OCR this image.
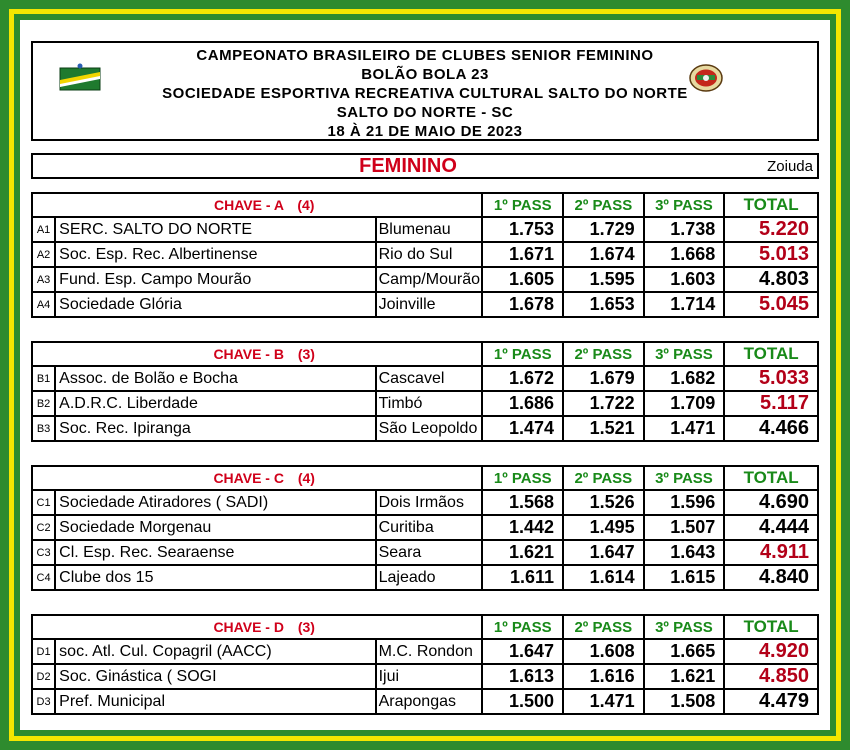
CAMPEONATO BRASILEIRO DE CLUBES SENIOR FEMININO
BOLÃO BOLA 23
SOCIEDADE ESPORTIVA RECREATIVA CULTURAL SALTO DO NORTE
SALTO DO NORTE - SC
18 À 21 DE MAIO DE 2023
FEMININO	Zoiuda
CHAVE - A (4)			1º PASS	2º PASS	3º PASS	TOTAL
A1	SERC. SALTO DO NORTE	Blumenau	1.753	1.729	1.738	5.220
A2	Soc. Esp. Rec. Albertinense	Rio do Sul	1.671	1.674	1.668	5.013
A3	Fund. Esp. Campo Mourão	Camp/Mourão	1.605	1.595	1.603	4.803
A4	Sociedade Glória	Joinville	1.678	1.653	1.714	5.045
CHAVE - B (3)			1º PASS	2º PASS	3º PASS	TOTAL
B1	Assoc. de Bolão e Bocha	Cascavel	1.672	1.679	1.682	5.033
B2	A.D.R.C. Liberdade	Timbó	1.686	1.722	1.709	5.117
B3	Soc. Rec. Ipiranga	São Leopoldo	1.474	1.521	1.471	4.466
CHAVE - C (4)			1º PASS	2º PASS	3º PASS	TOTAL
C1	Sociedade Atiradores ( SADI)	Dois Irmãos	1.568	1.526	1.596	4.690
C2	Sociedade Morgenau	Curitiba	1.442	1.495	1.507	4.444
C3	Cl. Esp. Rec. Searaense	Seara	1.621	1.647	1.643	4.911
C4	Clube dos 15	Lajeado	1.611	1.614	1.615	4.840
CHAVE - D (3)			1º PASS	2º PASS	3º PASS	TOTAL
D1	soc. Atl. Cul. Copagril (AACC)	M.C. Rondon	1.647	1.608	1.665	4.920
D2	Soc. Ginástica ( SOGI	Ijui	1.613	1.616	1.621	4.850
D3	Pref. Municipal	Arapongas	1.500	1.471	1.508	4.479
